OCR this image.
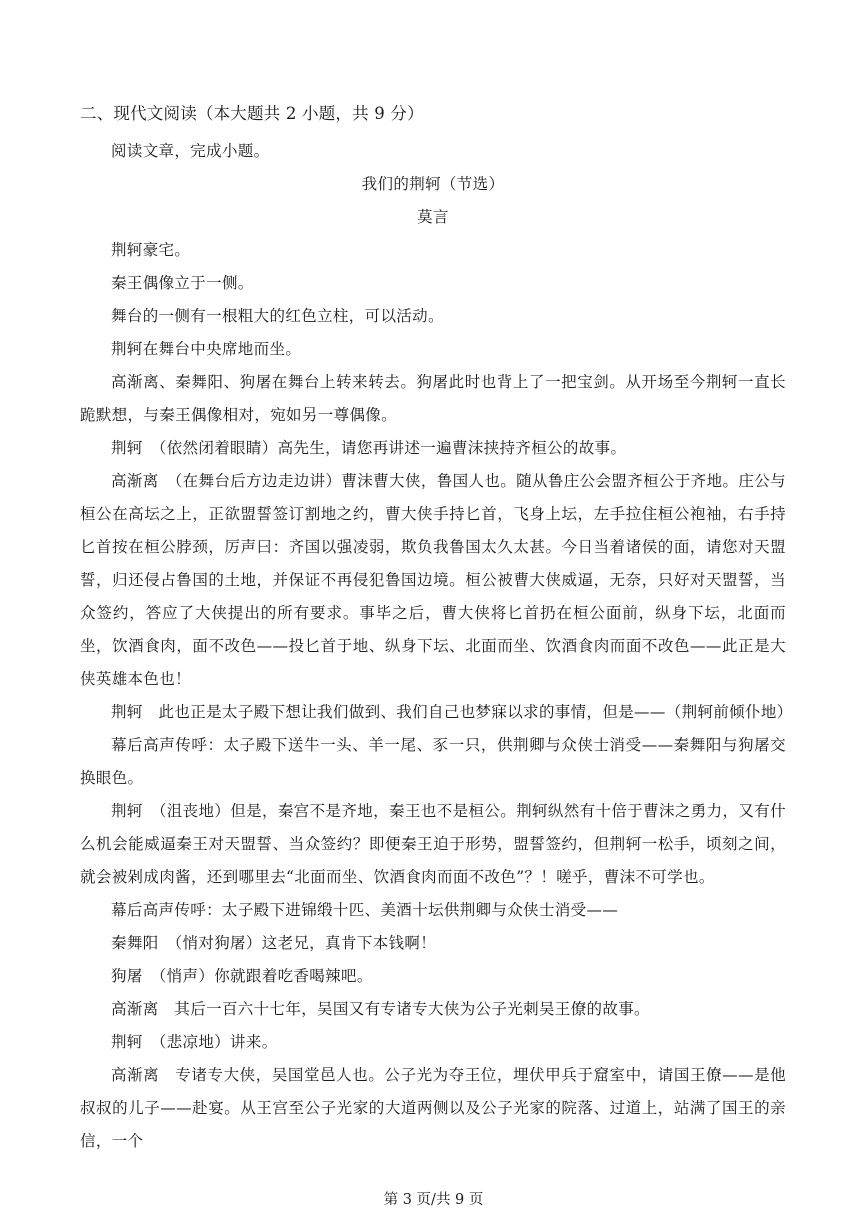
二、现代文阅读（本大题共 2 小题，共 9 分）

阅读文章，完成小题。

我们的荆轲（节选）

莫言

荆轲豪宅。

秦王偶像立于一侧。

舞台的一侧有一根粗大的红色立柱，可以活动。

荆轲在舞台中央席地而坐。

高渐离、秦舞阳、狗屠在舞台上转来转去。狗屠此时也背上了一把宝剑。从开场至今荆轲一直长跪默想，与秦王偶像相对，宛如另一尊偶像。

荆轲　（依然闭着眼睛）高先生，请您再讲述一遍曹沫挟持齐桓公的故事。

高渐离　（在舞台后方边走边讲）曹沫曹大侠，鲁国人也。随从鲁庄公会盟齐桓公于齐地。庄公与桓公在高坛之上，正欲盟誓签订割地之约，曹大侠手持匕首，飞身上坛，左手拉住桓公袍袖，右手持匕首按在桓公脖颈，厉声曰：齐国以强凌弱，欺负我鲁国太久太甚。今日当着诸侯的面，请您对天盟誓，归还侵占鲁国的土地，并保证不再侵犯鲁国边境。桓公被曹大侠威逼，无奈，只好对天盟誓，当众签约，答应了大侠提出的所有要求。事毕之后，曹大侠将匕首扔在桓公面前，纵身下坛，北面而坐，饮酒食肉，面不改色——投匕首于地、纵身下坛、北面而坐、饮酒食肉而面不改色——此正是大侠英雄本色也！

荆轲　此也正是太子殿下想让我们做到、我们自己也梦寐以求的事情，但是——（荆轲前倾仆地）

幕后高声传呼：太子殿下送牛一头、羊一尾、豕一只，供荆卿与众侠士消受——秦舞阳与狗屠交换眼色。

荆轲　（沮丧地）但是，秦宫不是齐地，秦王也不是桓公。荆轲纵然有十倍于曹沫之勇力，又有什么机会能威逼秦王对天盟誓、当众签约？即便秦王迫于形势，盟誓签约，但荆轲一松手，顷刻之间，就会被剁成肉酱，还到哪里去“北面而坐、饮酒食肉而面不改色”？！嗟乎，曹沫不可学也。

幕后高声传呼：太子殿下进锦缎十匹、美酒十坛供荆卿与众侠士消受——

秦舞阳　（悄对狗屠）这老兄，真肯下本钱啊！

狗屠　（悄声）你就跟着吃香喝辣吧。

高渐离　其后一百六十七年，吴国又有专诸专大侠为公子光刺吴王僚的故事。

荆轲　（悲凉地）讲来。

高渐离　专诸专大侠，吴国堂邑人也。公子光为夺王位，埋伏甲兵于窟室中，请国王僚——是他叔叔的儿子——赴宴。从王宫至公子光家的大道两侧以及公子光家的院落、过道上，站满了国王的亲信，一个

第 3 页/共 9 页
